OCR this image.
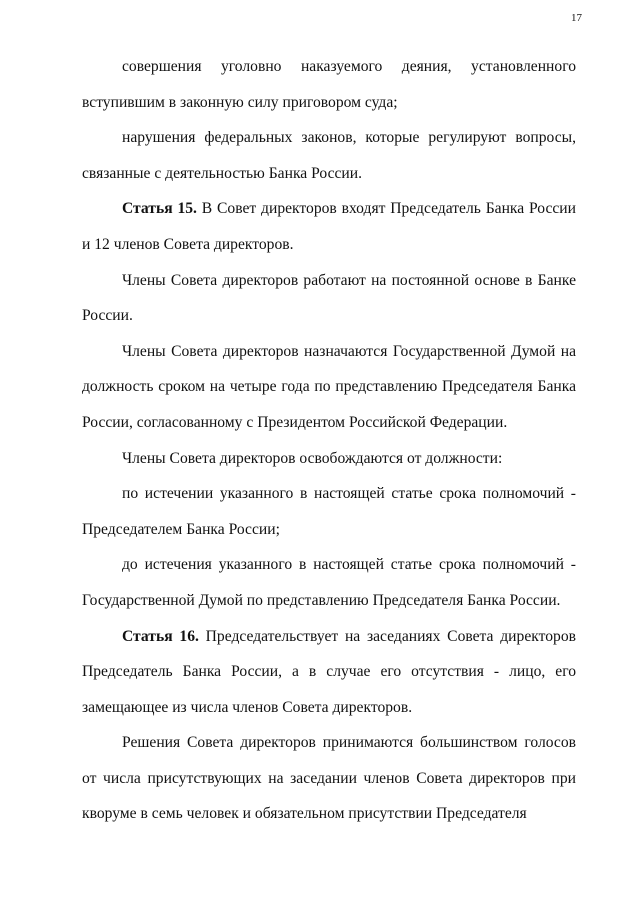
17

совершения уголовно наказуемого деяния, установленного вступившим в законную силу приговором суда;

нарушения федеральных законов, которые регулируют вопросы, связанные с деятельностью Банка России.

Статья 15. В Совет директоров входят Председатель Банка России и 12 членов Совета директоров.

Члены Совета директоров работают на постоянной основе в Банке России.

Члены Совета директоров назначаются Государственной Думой на должность сроком на четыре года по представлению Председателя Банка России, согласованному с Президентом Российской Федерации.

Члены Совета директоров освобождаются от должности:

по истечении указанного в настоящей статье срока полномочий - Председателем Банка России;

до истечения указанного в настоящей статье срока полномочий - Государственной Думой по представлению Председателя Банка России.

Статья 16. Председательствует на заседаниях Совета директоров Председатель Банка России, а в случае его отсутствия - лицо, его замещающее из числа членов Совета директоров.

Решения Совета директоров принимаются большинством голосов от числа присутствующих на заседании членов Совета директоров при кворуме в семь человек и обязательном присутствии Председателя
